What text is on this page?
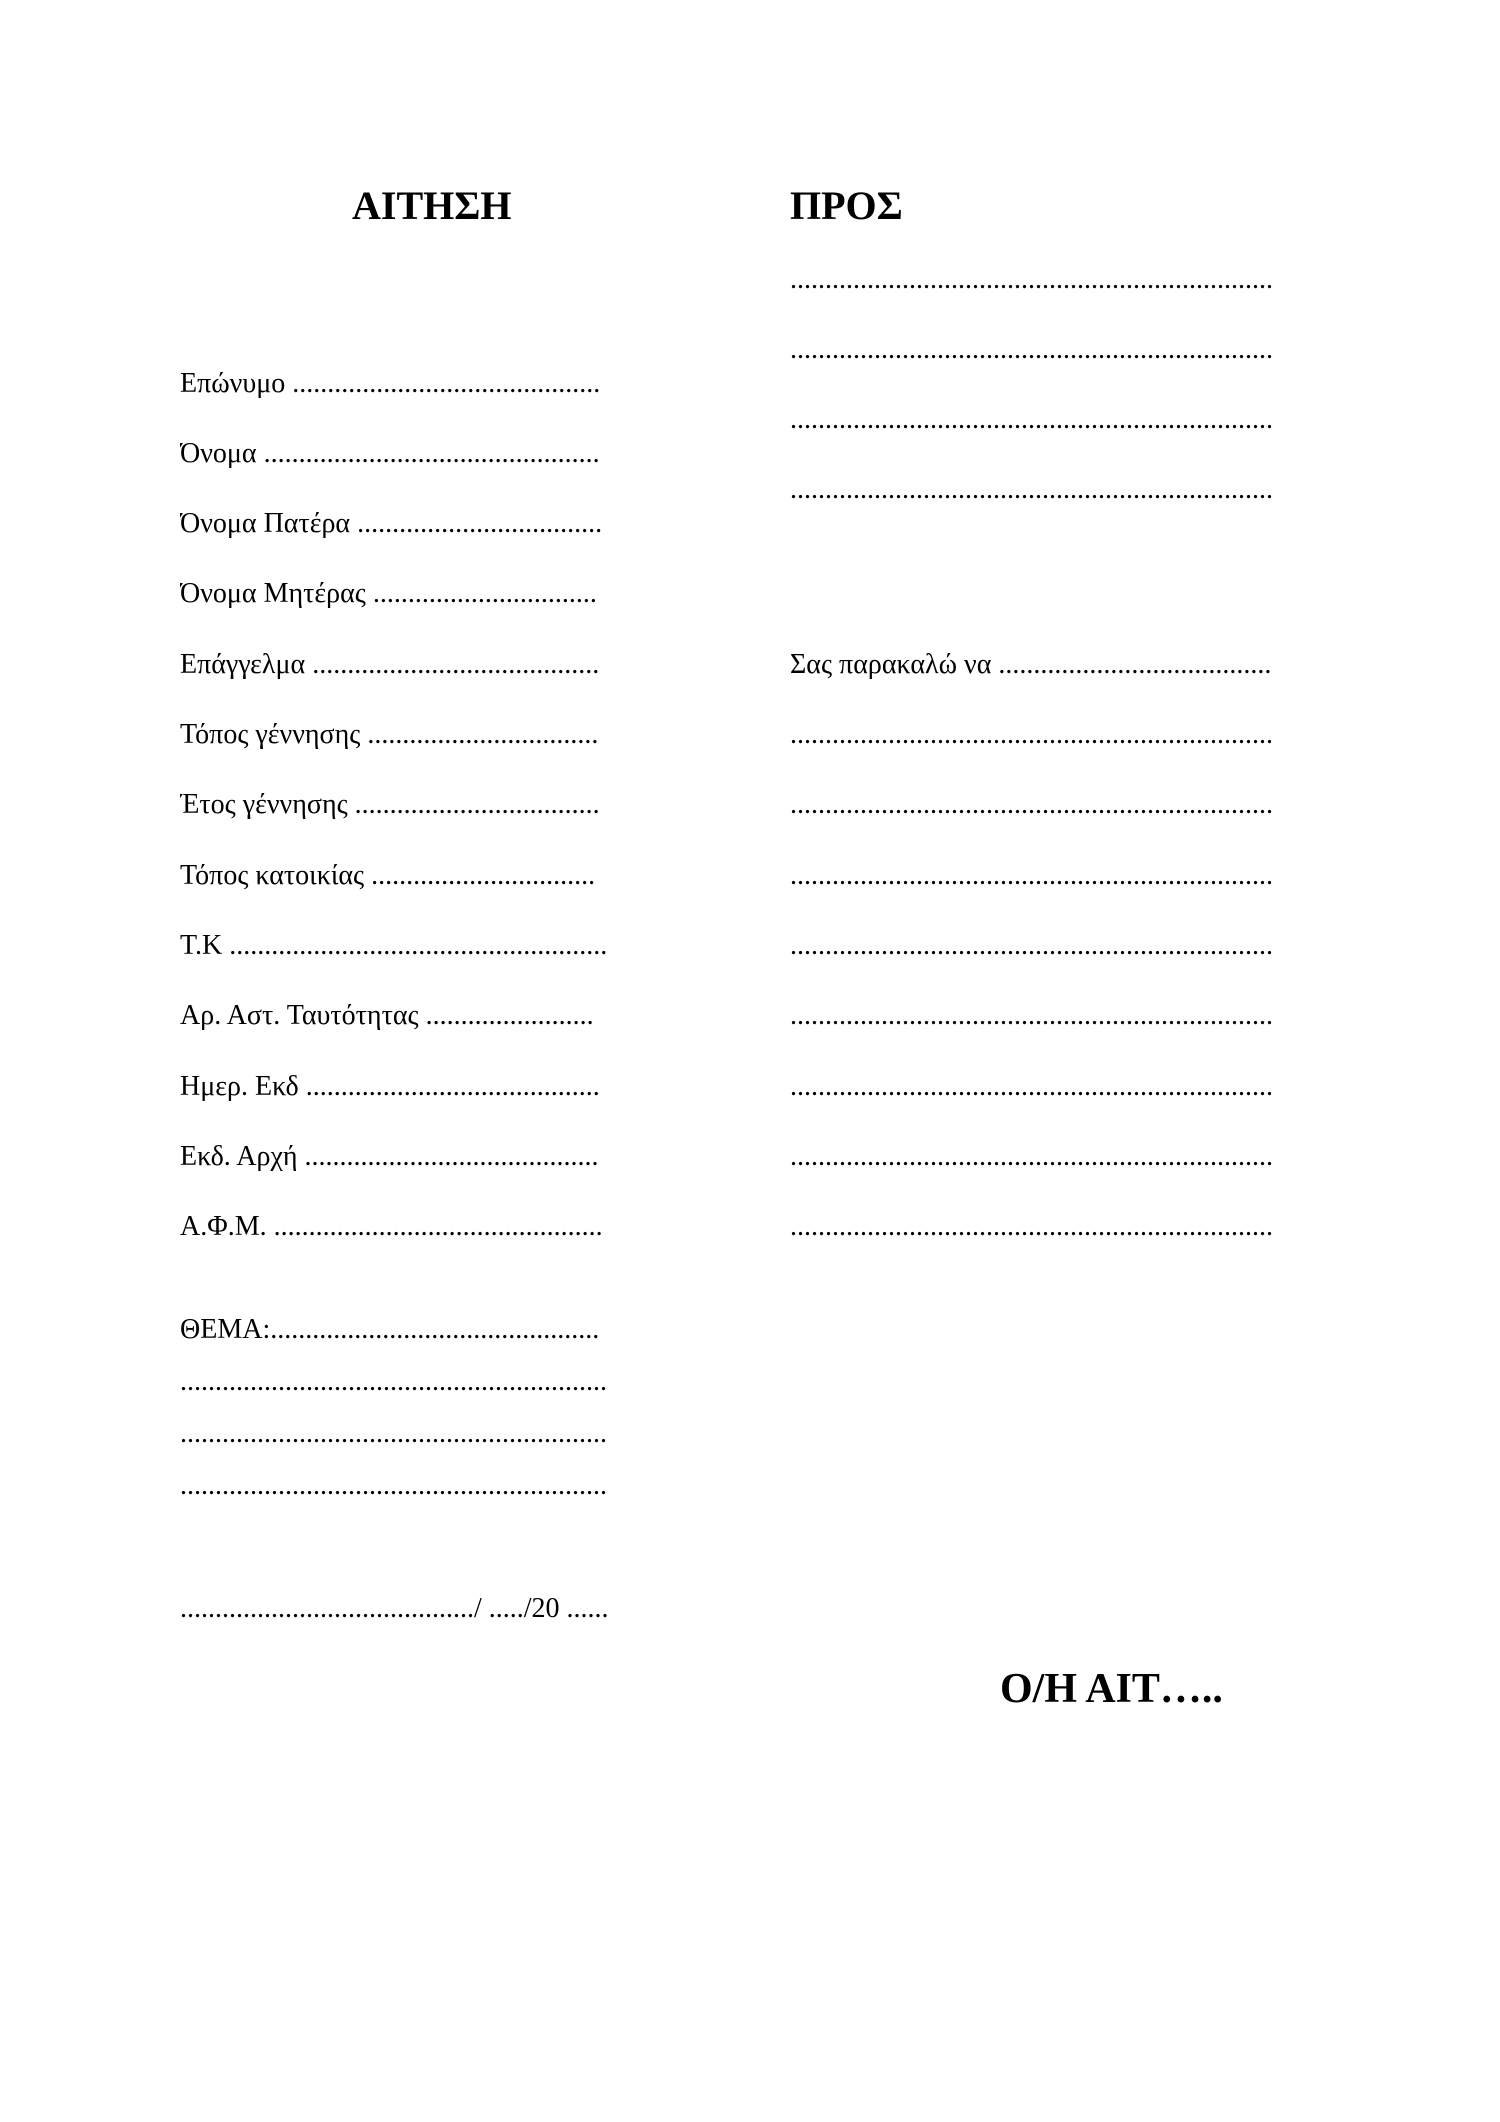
ΑΙΤΗΣΗ	ΠΡΟΣ
Επώνυμο ............................................
Όνομα ................................................
Όνομα Πατέρα ...................................
Όνομα Μητέρας ................................
Επάγγελμα .........................................
Τόπος γέννησης .................................
Έτος γέννησης ...................................
Τόπος κατοικίας ................................
Τ.Κ ......................................................
Αρ. Αστ. Ταυτότητας ........................
Ημερ. Εκδ ..........................................
Εκδ. Αρχή ..........................................
Α.Φ.Μ. ...............................................
ΘΕΜΑ:...............................................
.............................................................
.............................................................
.............................................................
........................................../ ...../20 ......
.....................................................................
.....................................................................
.....................................................................
.....................................................................
Σας παρακαλώ να .......................................
.....................................................................
.....................................................................
.....................................................................
.....................................................................
.....................................................................
.....................................................................
.....................................................................
.....................................................................
Ο/Η ΑΙΤ…..
